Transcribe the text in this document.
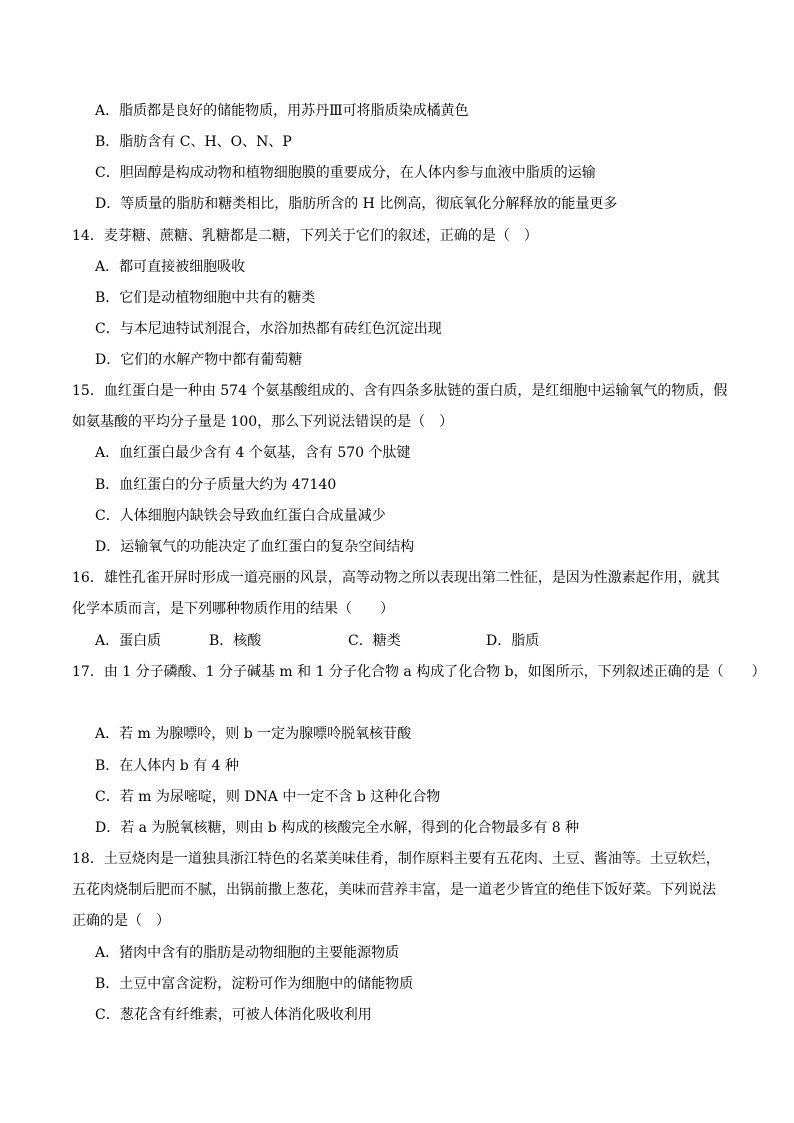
A．脂质都是良好的储能物质，用苏丹Ⅲ可将脂质染成橘黄色
B．脂肪含有 C、H、O、N、P
C．胆固醇是构成动物和植物细胞膜的重要成分，在人体内参与血液中脂质的运输
D．等质量的脂肪和糖类相比，脂肪所含的 H 比例高，彻底氧化分解释放的能量更多
14．麦芽糖、蔗糖、乳糖都是二糖，下列关于它们的叙述，正确的是（　）
A．都可直接被细胞吸收
B．它们是动植物细胞中共有的糖类
C．与本尼迪特试剂混合，水浴加热都有砖红色沉淀出现
D．它们的水解产物中都有葡萄糖
15．血红蛋白是一种由 574 个氨基酸组成的、含有四条多肽链的蛋白质，是红细胞中运输氧气的物质，假
如氨基酸的平均分子量是 100，那么下列说法错误的是（　）
A．血红蛋白最少含有 4 个氨基，含有 570 个肽键
B．血红蛋白的分子质量大约为 47140
C．人体细胞内缺铁会导致血红蛋白合成量减少
D．运输氧气的功能决定了血红蛋白的复杂空间结构
16．雄性孔雀开屏时形成一道亮丽的风景，高等动物之所以表现出第二性征，是因为性激素起作用，就其
化学本质而言，是下列哪种物质作用的结果（　　）
A．蛋白质	B．核酸	C．糖类	D．脂质
17．由 1 分子磷酸、1 分子碱基 m 和 1 分子化合物 a 构成了化合物 b，如图所示，下列叙述正确的是（　　）
A．若 m 为腺嘌呤，则 b 一定为腺嘌呤脱氧核苷酸
B．在人体内 b 有 4 种
C．若 m 为尿嘧啶，则 DNA 中一定不含 b 这种化合物
D．若 a 为脱氧核糖，则由 b 构成的核酸完全水解，得到的化合物最多有 8 种
18．土豆烧肉是一道独具浙江特色的名菜美味佳肴，制作原料主要有五花肉、土豆、酱油等。土豆软烂，
五花肉烧制后肥而不腻，出锅前撒上葱花，美味而营养丰富，是一道老少皆宜的绝佳下饭好菜。下列说法
正确的是（　）
A．猪肉中含有的脂肪是动物细胞的主要能源物质
B．土豆中富含淀粉，淀粉可作为细胞中的储能物质
C．葱花含有纤维素，可被人体消化吸收利用
